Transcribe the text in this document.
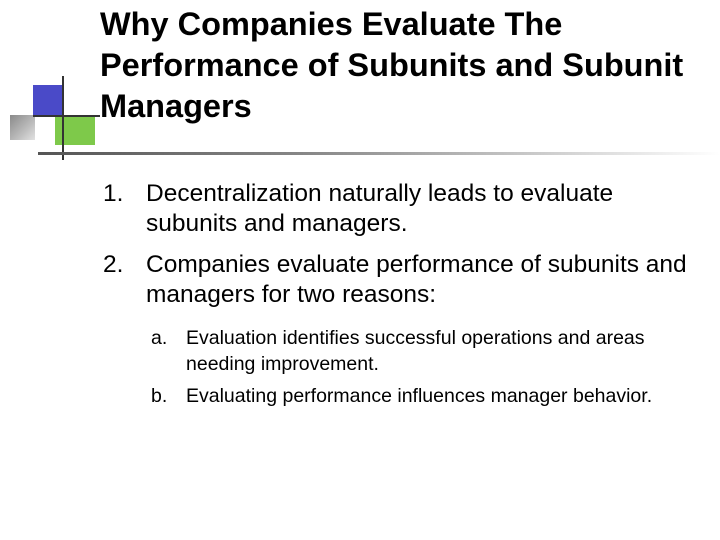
Why Companies Evaluate The Performance of Subunits and Subunit Managers
1. Decentralization naturally leads to evaluate subunits and managers.
2. Companies evaluate performance of subunits and managers for two reasons:
a. Evaluation identifies successful operations and areas needing improvement.
b. Evaluating performance influences manager behavior.
